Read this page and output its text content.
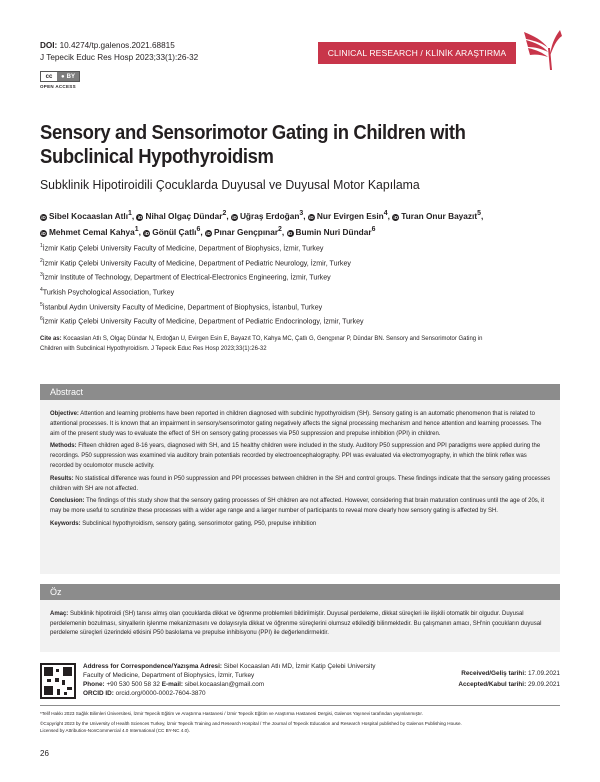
DOI: 10.4274/tp.galenos.2021.68815
J Tepecik Educ Res Hosp 2023;33(1):26-32
cc	● BY
OPEN ACCESS
CLINICAL RESEARCH / KLİNİK ARAŞTIRMA
Sensory and Sensorimotor Gating in Children with
Subclinical Hypothyroidism
Subklinik Hipotiroidili Çocuklarda Duyusal ve Duyusal Motor Kapılama
iD Sibel Kocaaslan Atlı$^1$, iD Nihal Olgaç Dündar$^2$, iD Uğraş Erdoğan$^3$, iD Nur Evirgen Esin$^4$, iD Turan Onur Bayazıt$^5$,
iD Mehmet Cemal Kahya$^1$, iD Gönül Çatlı$^6$, iD Pınar Gençpınar$^2$, iD Bumin Nuri Dündar$^6$
$^1$İzmir Katip Çelebi University Faculty of Medicine, Department of Biophysics, İzmir, Turkey
$^2$İzmir Katip Çelebi University Faculty of Medicine, Department of Pediatric Neurology, İzmir, Turkey
$^3$İzmir Institute of Technology, Department of Electrical-Electronics Engineering, İzmir, Turkey
$^4$Turkish Psychological Association, Turkey
$^5$İstanbul Aydın University Faculty of Medicine, Department of Biophysics, İstanbul, Turkey
$^6$İzmir Katip Çelebi University Faculty of Medicine, Department of Pediatric Endocrinology, İzmir, Turkey
Cite as: Kocaaslan Atlı S, Olgaç Dündar N, Erdoğan U, Evirgen Esin E, Bayazıt TO, Kahya MC, Çatlı G, Gençpınar P, Dündar BN. Sensory and Sensorimotor Gating in
Children with Subclinical Hypothyroidism. J Tepecik Educ Res Hosp 2023;33(1):26-32
Abstract

Objective: Attention and learning problems have been reported in children diagnosed with subclinic hypothyroidism (SH). Sensory gating is an automatic phenomenon that is related to attentional processes. It is known that an impairment in sensory/sensorimotor gating negatively affects the signal processing mechanism and hence attention and learning processes. The aim of the present study was to evaluate the effect of SH on sensory gating processes via P50 suppression and prepulse inhibition (PPI) in children.

Methods: Fifteen children aged 8-16 years, diagnosed with SH, and 15 healthy children were included in the study. Auditory P50 suppression and PPI paradigms were applied during the recordings. P50 suppression was examined via auditory brain potentials recorded by electroencephalography. PPI was evaluated via electromyography, in which the blink reflex was recorded by oculomotor muscle activity.

Results: No statistical difference was found in P50 suppression and PPI processes between children in the SH and control groups. These findings indicate that the sensory gating processes children with SH are not affected.

Conclusion: The findings of this study show that the sensory gating processes of SH children are not affected. However, considering that brain maturation continues until the age of 20s, it may be more useful to scrutinize these processes with a wider age range and a larger number of participants to reveal more clearly how sensory gating is affected by SH.

Keywords: Subclinical hypothyroidism, sensory gating, sensorimotor gating, P50, prepulse inhibition

Öz

Amaç: Subklinik hipotiroidi (SH) tanısı almış olan çocuklarda dikkat ve öğrenme problemleri bildirilmiştir. Duyusal perdeleme, dikkat süreçleri ile ilişkili otomatik bir olgudur. Duyusal perdelemenin bozulması, sinyallerin işlenme mekanizmasını ve dolayısıyla dikkat ve öğrenme süreçlerini olumsuz etkilediği bilinmektedir. Bu çalışmanın amacı, SH'nin çocukların duyusal perdeleme süreçleri üzerindeki etkisini P50 baskılama ve prepulse inhibisyonu (PPI) ile değerlendirmektir.

Address for Correspondence/Yazışma Adresi: Sibel Kocaaslan Atlı MD, İzmir Katip Çelebi University
Faculty of Medicine, Department of Biophysics, İzmir, Turkey
Phone: +90 530 500 58 32 E-mail: sibel.kocaaslan@gmail.com
ORCID ID: orcid.org/0000-0002-7604-3870
Received/Geliş tarihi: 17.09.2021
Accepted/Kabul tarihi: 29.09.2021
*Telif Hakkı 2023 Sağlık Bilimleri Üniversitesi, İzmir Tepecik Eğitim ve Araştırma Hastanesi / İzmir Tepecik Eğitim ve Araştırma Hastanesi Dergisi, Galenos Yayınevi tarafından yayınlanmıştır.
©Copyright 2023 by the University of Health Sciences Turkey, İzmir Tepecik Training and Research Hospital / The Journal of Tepecik Education and Research Hospital published by Galenos Publishing House.
Licensed by Attribution-NonCommercial 4.0 International (CC BY-NC 4.0).
26
